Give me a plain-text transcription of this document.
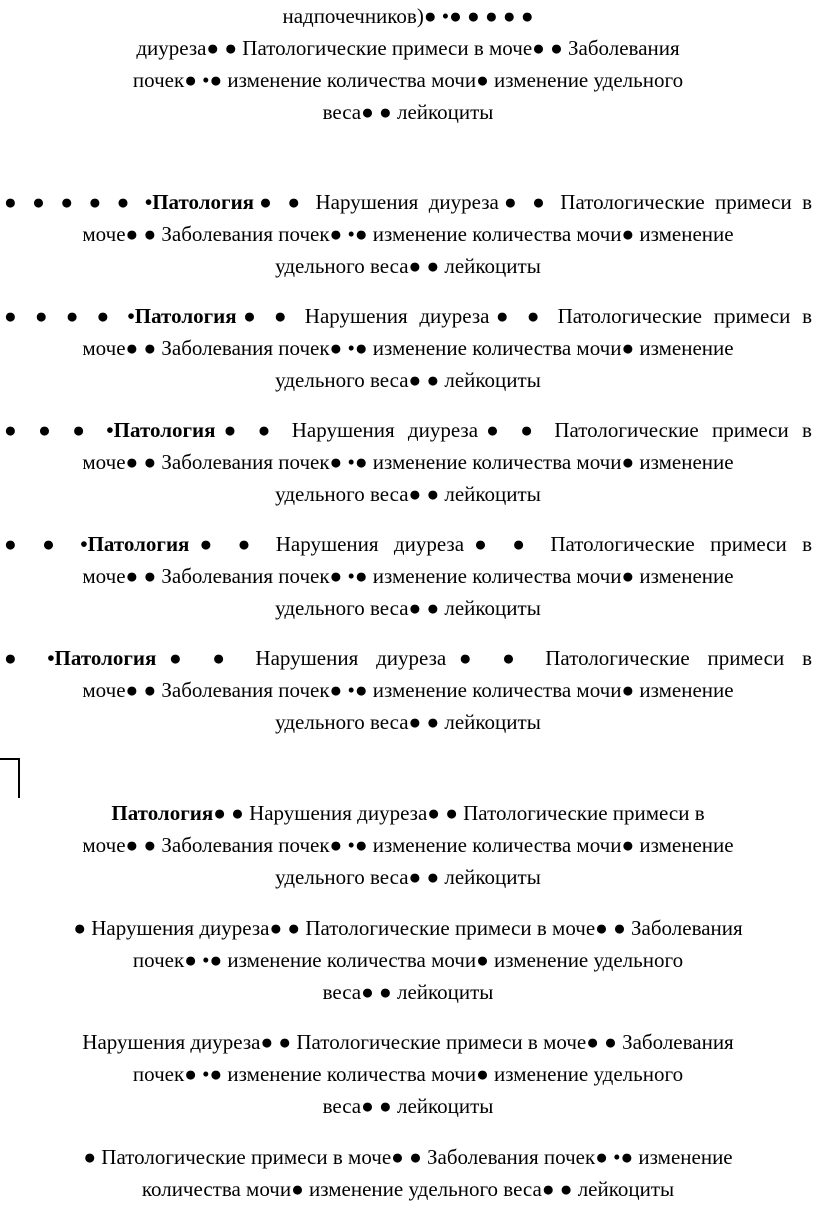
надпочечников)● •● ● ● ● ●
диуреза● ● Патологические примеси в моче● ● Заболевания
почек● •● изменение количества мочи● изменение удельного
веса● ● лейкоциты
● ● ● ● ● •Патология● ● Нарушения диуреза● ● Патологические примеси в
моче● ● Заболевания почек● •● изменение количества мочи● изменение
удельного веса● ● лейкоциты
● ● ● ● •Патология● ● Нарушения диуреза● ● Патологические примеси в
моче● ● Заболевания почек● •● изменение количества мочи● изменение
удельного веса● ● лейкоциты
● ● ● •Патология● ● Нарушения диуреза● ● Патологические примеси в
моче● ● Заболевания почек● •● изменение количества мочи● изменение
удельного веса● ● лейкоциты
● ● •Патология● ● Нарушения диуреза● ● Патологические примеси в
моче● ● Заболевания почек● •● изменение количества мочи● изменение
удельного веса● ● лейкоциты
● •Патология● ● Нарушения диуреза● ● Патологические примеси в
моче● ● Заболевания почек● •● изменение количества мочи● изменение
удельного веса● ● лейкоциты
Патология● ● Нарушения диуреза● ● Патологические примеси в
моче● ● Заболевания почек● •● изменение количества мочи● изменение
удельного веса● ● лейкоциты
● Нарушения диуреза● ● Патологические примеси в моче● ● Заболевания
почек● •● изменение количества мочи● изменение удельного
веса● ● лейкоциты
Нарушения диуреза● ● Патологические примеси в моче● ● Заболевания
почек● •● изменение количества мочи● изменение удельного
веса● ● лейкоциты
● Патологические примеси в моче● ● Заболевания почек● •● изменение
количества мочи● изменение удельного веса● ● лейкоциты
